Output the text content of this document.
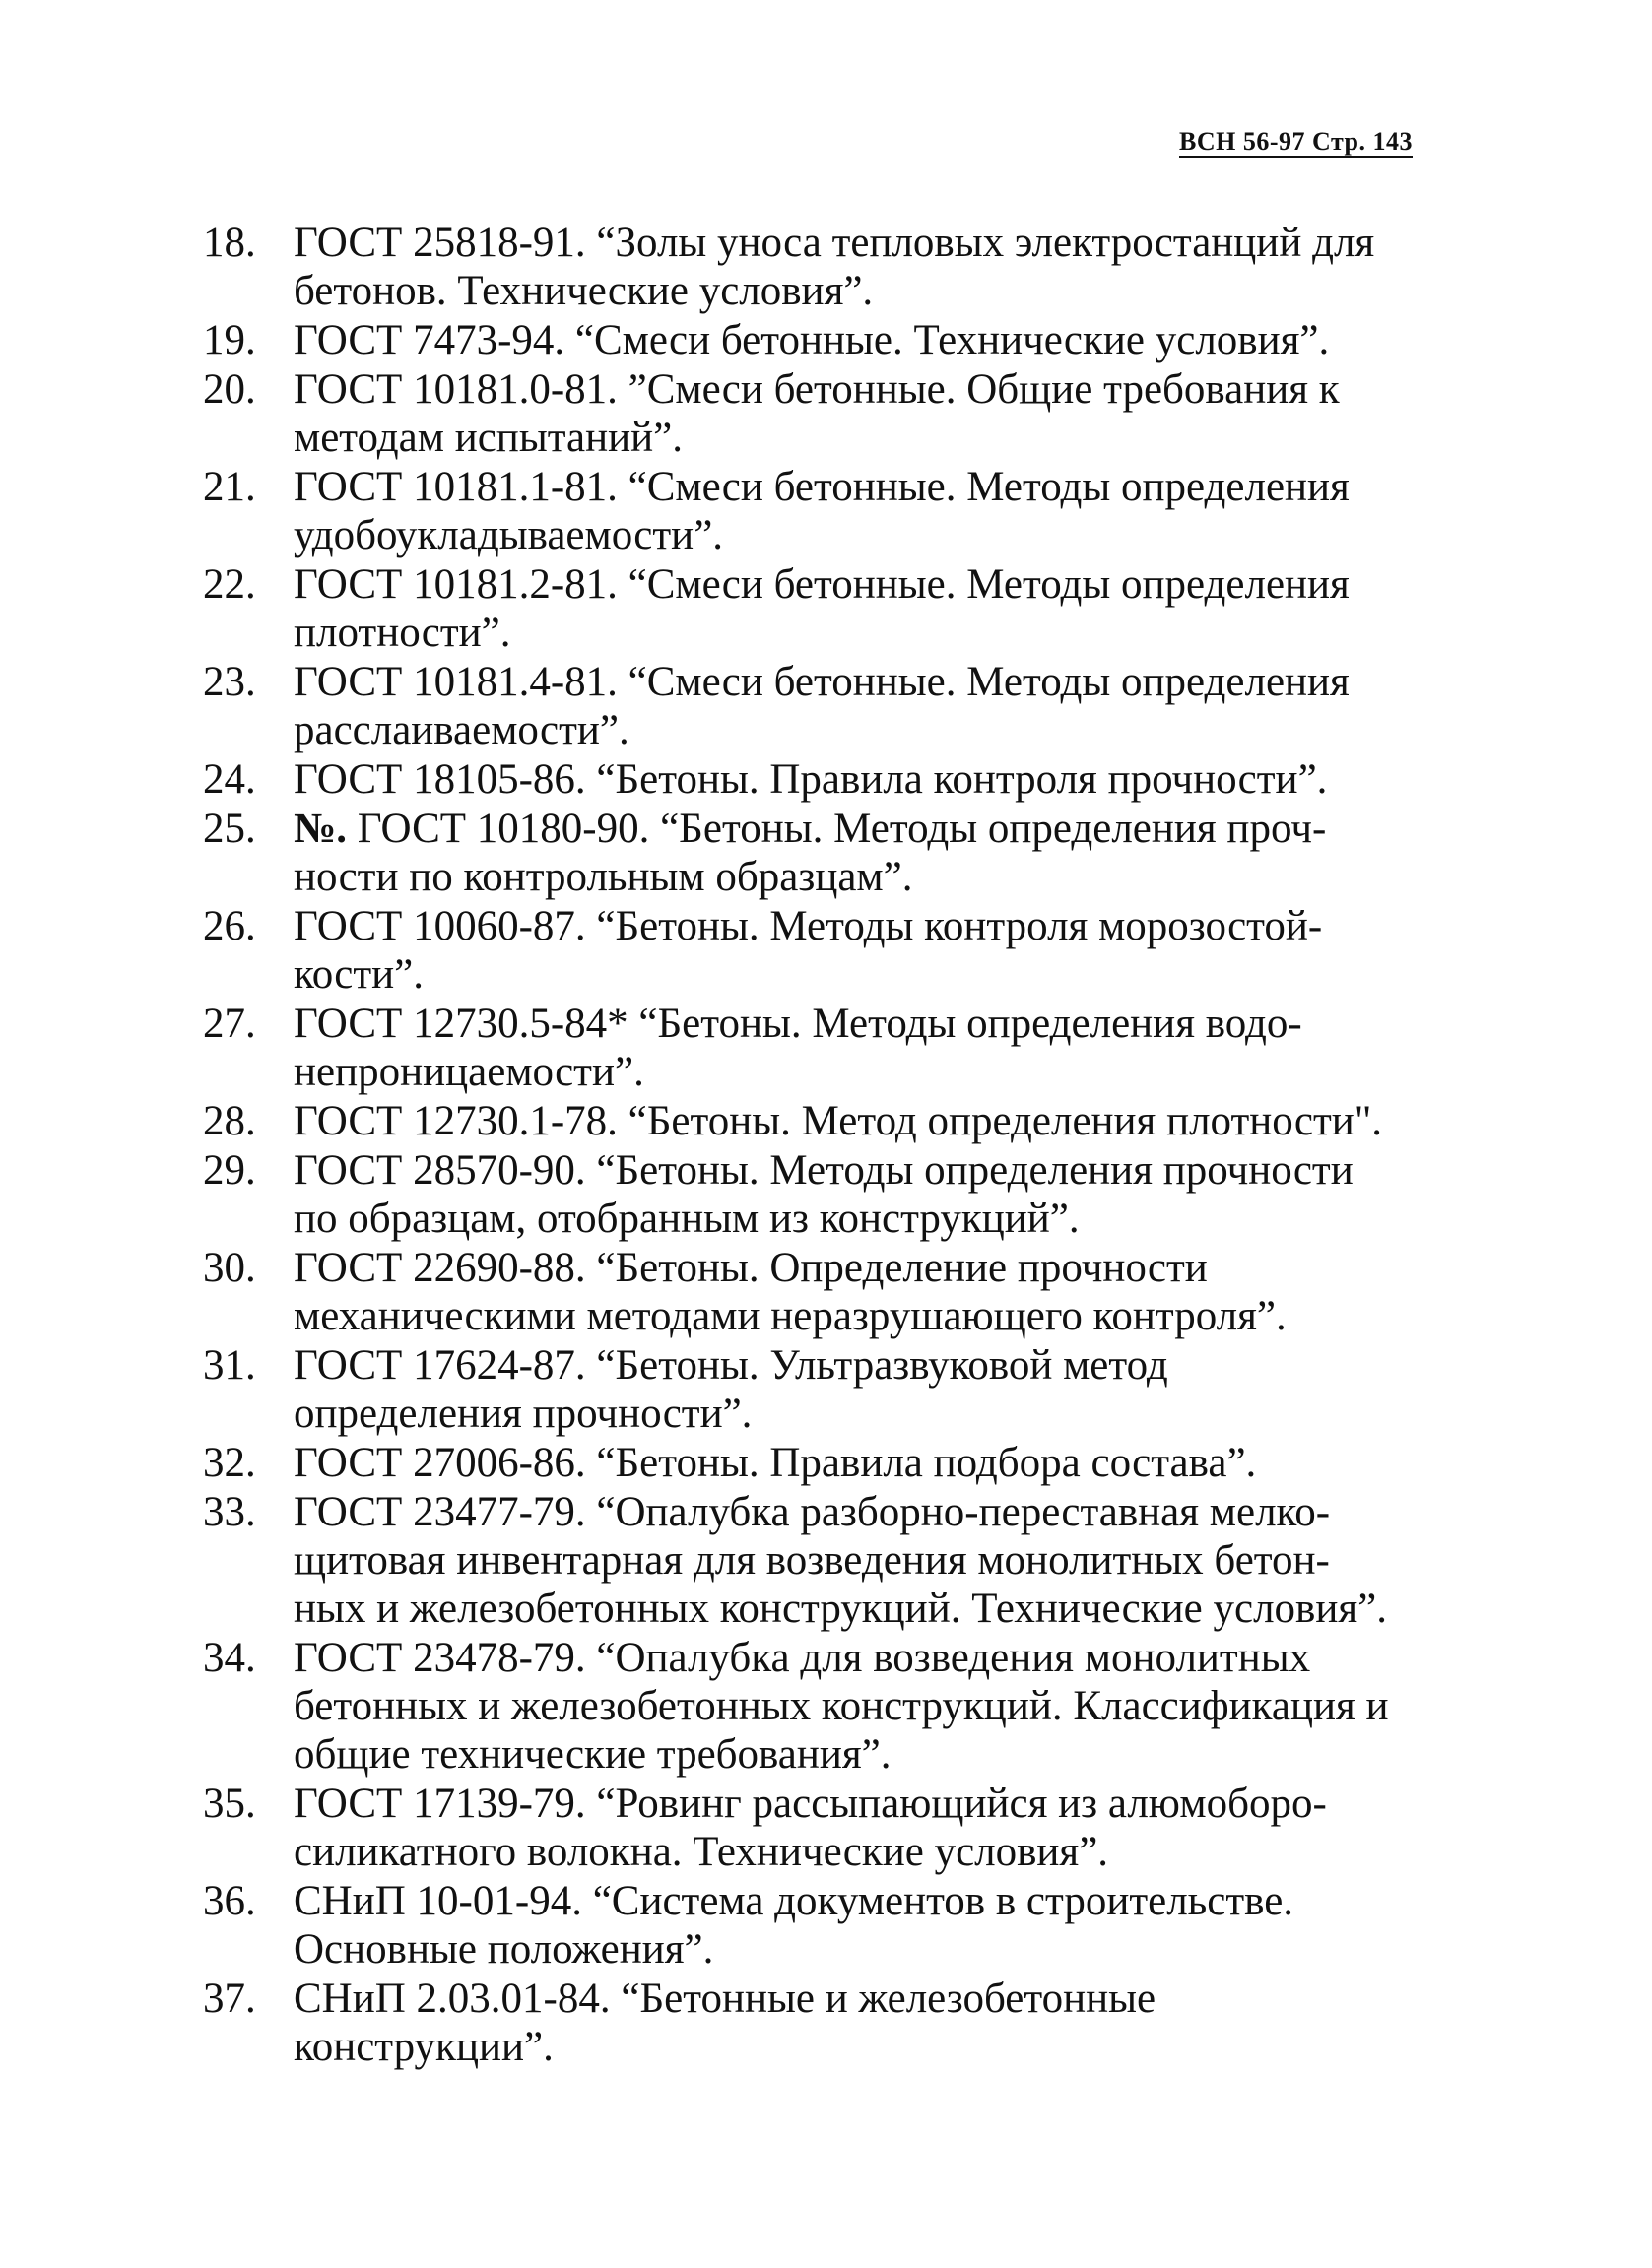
ВСН 56-97 Стр. 143
18. ГОСТ 25818-91. “Золы уноса тепловых электростанций для
бетонов. Технические условия”.
19. ГОСТ 7473-94. “Смеси бетонные. Технические условия”.
20. ГОСТ 10181.0-81. ”Смеси бетонные. Общие требования к
методам испытаний”.
21. ГОСТ 10181.1-81. “Смеси бетонные. Методы определения
удобоукладываемости”.
22. ГОСТ 10181.2-81. “Смеси бетонные. Методы определения
плотности”.
23. ГОСТ 10181.4-81. “Смеси бетонные. Методы определения
расслаиваемости”.
24. ГОСТ 18105-86. “Бетоны. Правила контроля прочности”.
25. №. ГОСТ 10180-90. “Бетоны. Методы определения проч-
ности по контрольным образцам”.
26. ГОСТ 10060-87. “Бетоны. Методы контроля морозостой-
кости”.
27. ГОСТ 12730.5-84* “Бетоны. Методы определения водо-
непроницаемости”.
28. ГОСТ 12730.1-78. “Бетоны. Метод определения плотности".
29. ГОСТ 28570-90. “Бетоны. Методы определения прочности
по образцам, отобранным из конструкций”.
30. ГОСТ 22690-88. “Бетоны. Определение прочности
механическими методами неразрушающего контроля”.
31. ГОСТ 17624-87. “Бетоны. Ультразвуковой метод
определения прочности”.
32. ГОСТ 27006-86. “Бетоны. Правила подбора состава”.
33. ГОСТ 23477-79. “Опалубка разборно-переставная мелко-
щитовая инвентарная для возведения монолитных бетон-
ных и железобетонных конструкций. Технические условия”.
34. ГОСТ 23478-79. “Опалубка для возведения монолитных
бетонных и железобетонных конструкций. Классификация и
общие технические требования”.
35. ГОСТ 17139-79. “Ровинг рассыпающийся из алюмоборо-
силикатного волокна. Технические условия”.
36. СНиП 10-01-94. “Система документов в строительстве.
Основные положения”.
37. СНиП 2.03.01-84. “Бетонные и железобетонные
конструкции”.
